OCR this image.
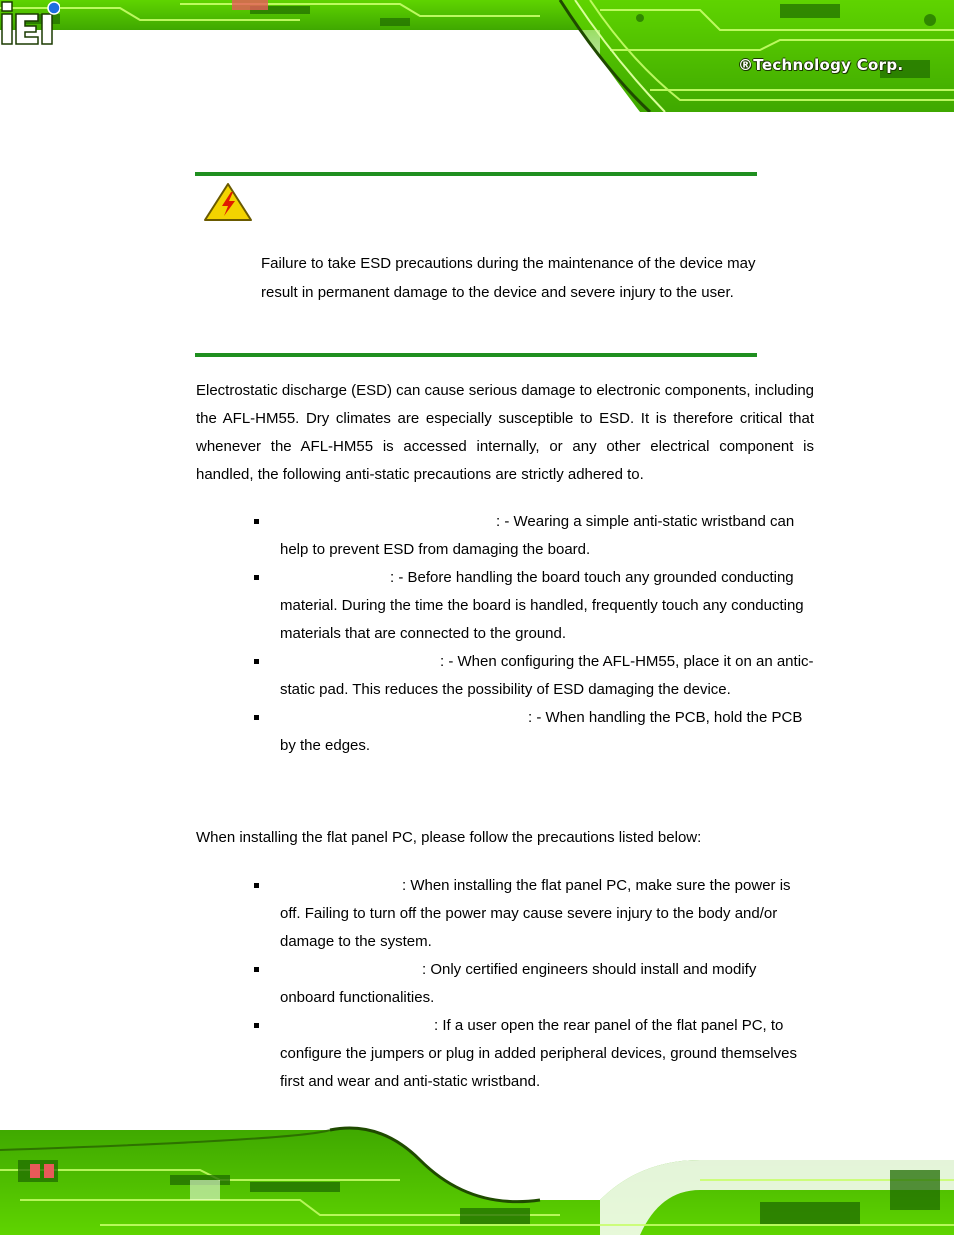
®Technology Corp.
Failure to take ESD precautions during the maintenance of the device may result in permanent damage to the device and severe injury to the user.
Electrostatic discharge (ESD) can cause serious damage to electronic components, including the AFL-HM55. Dry climates are especially susceptible to ESD. It is therefore critical that whenever the AFL-HM55 is accessed internally, or any other electrical component is handled, the following anti-static precautions are strictly adhered to.
: - Wearing a simple anti-static wristband can help to prevent ESD from damaging the board.
: - Before handling the board touch any grounded conducting material. During the time the board is handled, frequently touch any conducting materials that are connected to the ground.
: - When configuring the AFL-HM55, place it on an antic-static pad. This reduces the possibility of ESD damaging the device.
: - When handling the PCB, hold the PCB by the edges.
When installing the flat panel PC, please follow the precautions listed below:
: When installing the flat panel PC, make sure the power is off. Failing to turn off the power may cause severe injury to the body and/or damage to the system.
: Only certified engineers should install and modify onboard functionalities.
: If a user open the rear panel of the flat panel PC, to configure the jumpers or plug in added peripheral devices, ground themselves first and wear and anti-static wristband.
